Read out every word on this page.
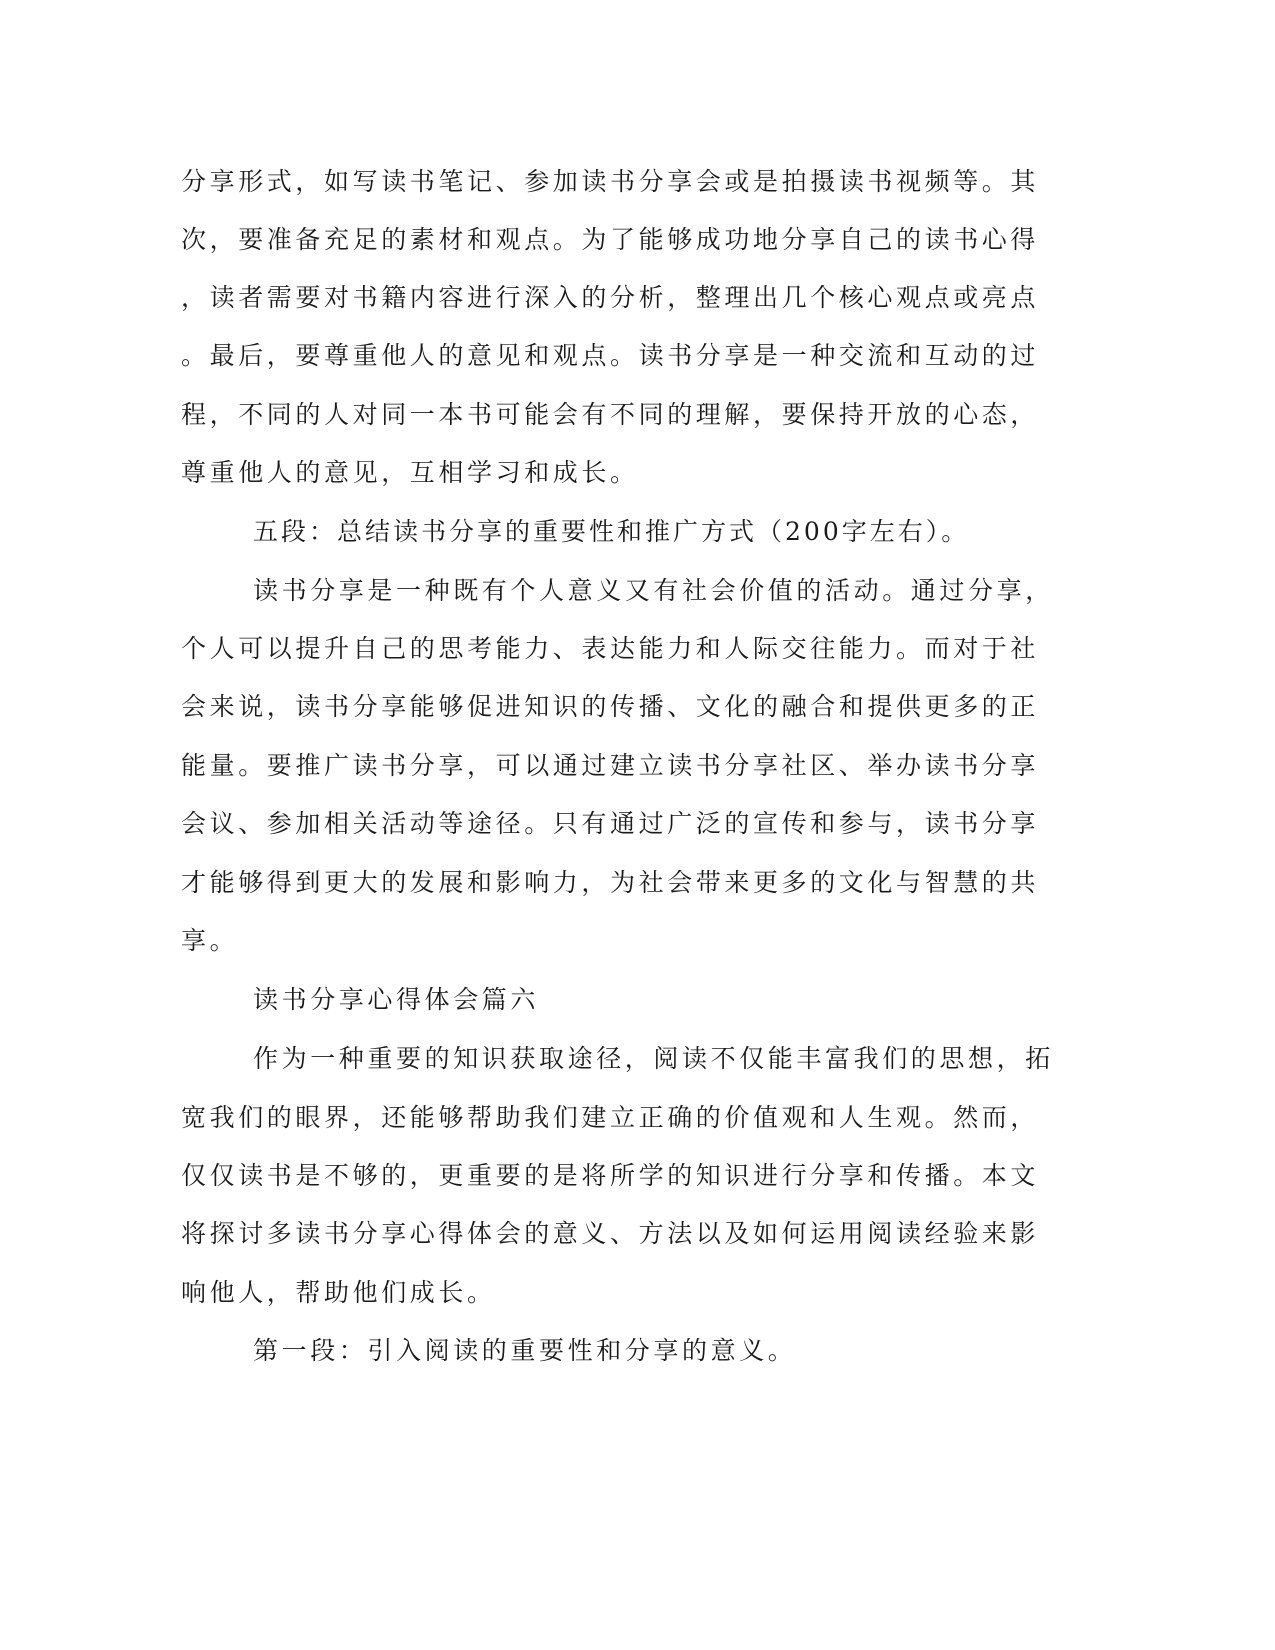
分享形式，如写读书笔记、参加读书分享会或是拍摄读书视频等。其
次，要准备充足的素材和观点。为了能够成功地分享自己的读书心得
，读者需要对书籍内容进行深入的分析，整理出几个核心观点或亮点
。最后，要尊重他人的意见和观点。读书分享是一种交流和互动的过
程，不同的人对同一本书可能会有不同的理解，要保持开放的心态，
尊重他人的意见，互相学习和成长。
五段：总结读书分享的重要性和推广方式（200字左右）。
读书分享是一种既有个人意义又有社会价值的活动。通过分享，
个人可以提升自己的思考能力、表达能力和人际交往能力。而对于社
会来说，读书分享能够促进知识的传播、文化的融合和提供更多的正
能量。要推广读书分享，可以通过建立读书分享社区、举办读书分享
会议、参加相关活动等途径。只有通过广泛的宣传和参与，读书分享
才能够得到更大的发展和影响力，为社会带来更多的文化与智慧的共
享。
读书分享心得体会篇六
作为一种重要的知识获取途径，阅读不仅能丰富我们的思想，拓
宽我们的眼界，还能够帮助我们建立正确的价值观和人生观。然而，
仅仅读书是不够的，更重要的是将所学的知识进行分享和传播。本文
将探讨多读书分享心得体会的意义、方法以及如何运用阅读经验来影
响他人，帮助他们成长。
第一段：引入阅读的重要性和分享的意义。
